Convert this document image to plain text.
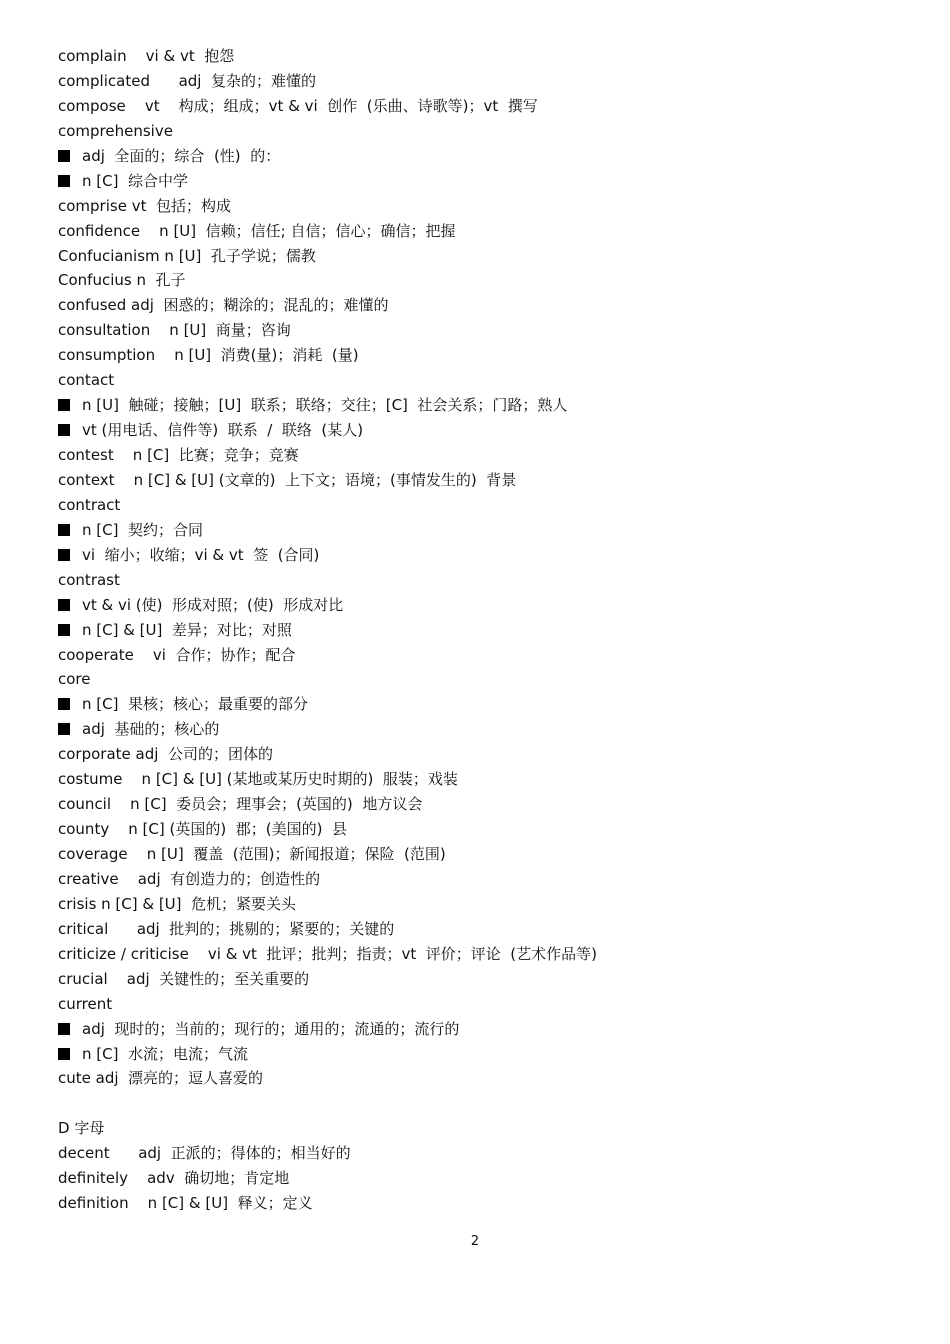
complain    vi & vt  抱怨
complicated      adj  复杂的；难懂的
compose    vt    构成；组成；vt & vi  创作  (乐曲、诗歌等)；vt  撰写
comprehensive
adj  全面的；综合  (性)  的：
n [C]  综合中学
comprise vt  包括；构成
confidence    n [U]  信赖；信任; 自信；信心；确信；把握
Confucianism n [U]  孔子学说；儒教
Confucius n  孔子
confused adj  困惑的；糊涂的；混乱的；难懂的
consultation    n [U]  商量；咨询
consumption    n [U]  消费(量)；消耗  (量)
contact
n [U]  触碰；接触；[U]  联系；联络；交往；[C]  社会关系；门路；熟人
vt (用电话、信件等)  联系  /  联络  (某人)
contest    n [C]  比赛；竞争；竞赛
context    n [C] & [U] (文章的)  上下文；语境；(事情发生的)  背景
contract
n [C]  契约；合同
vi  缩小；收缩；vi & vt  签  (合同)
contrast
vt & vi (使)  形成对照；(使)  形成对比
n [C] & [U]  差异；对比；对照
cooperate    vi  合作；协作；配合
core
n [C]  果核；核心；最重要的部分
adj  基础的；核心的
corporate adj  公司的；团体的
costume    n [C] & [U] (某地或某历史时期的)  服装；戏装
council    n [C]  委员会；理事会；(英国的)  地方议会
county    n [C] (英国的)  郡；(美国的)  县
coverage    n [U]  覆盖  (范围)；新闻报道；保险  (范围)
creative    adj  有创造力的；创造性的
crisis n [C] & [U]  危机；紧要关头
critical      adj  批判的；挑剔的；紧要的；关键的
criticize / criticise    vi & vt  批评；批判；指责；vt  评价；评论  (艺术作品等)
crucial    adj  关键性的；至关重要的
current
adj  现时的；当前的；现行的；通用的；流通的；流行的
n [C]  水流；电流；气流
cute adj  漂亮的；逗人喜爱的
D 字母
decent      adj  正派的；得体的；相当好的
definitely    adv  确切地；肯定地
definition    n [C] & [U]  释义；定义
2
